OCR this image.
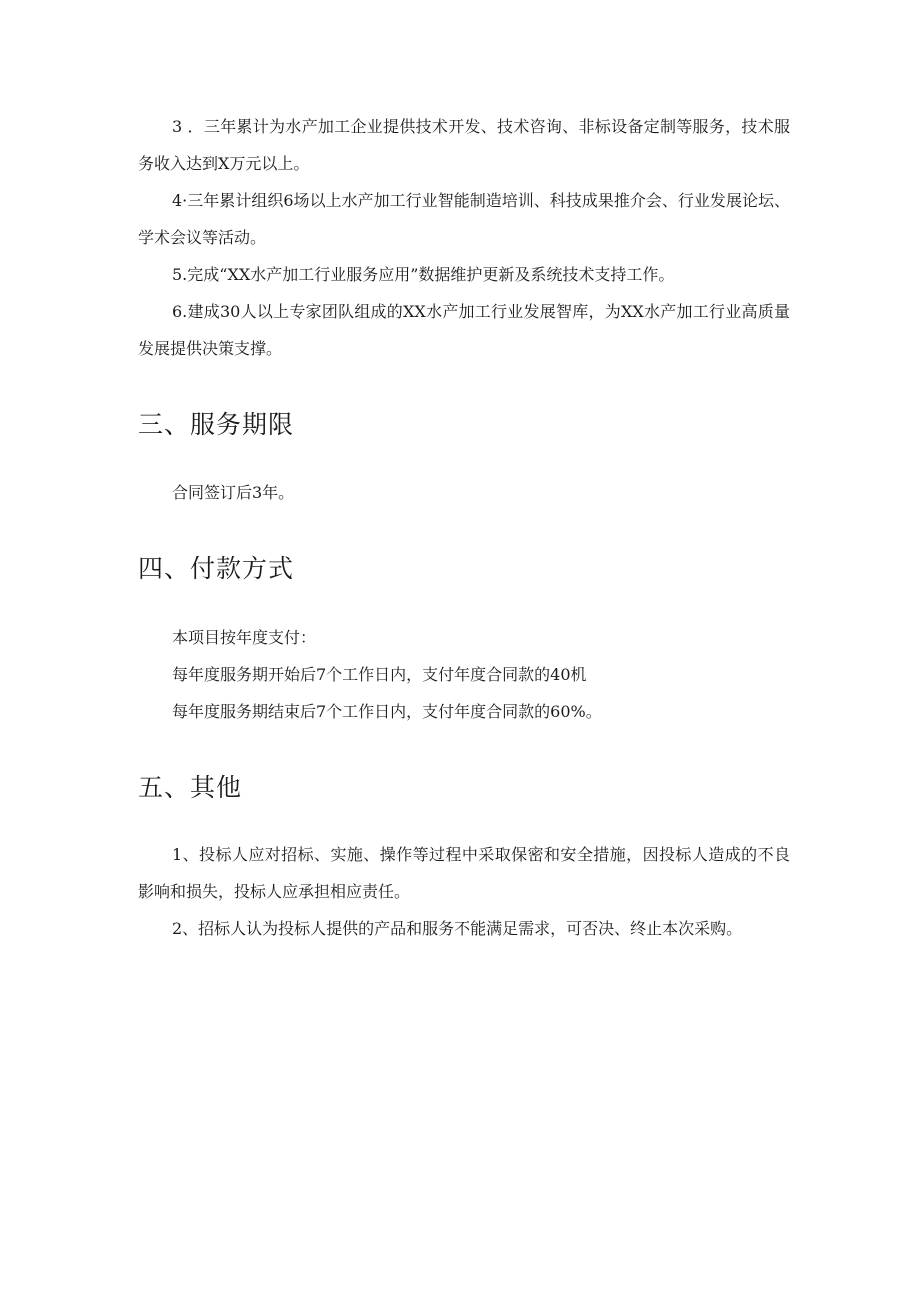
3 ．三年累计为水产加工企业提供技术开发、技术咨询、非标设备定制等服务，技术服务收入达到X万元以上。

4·三年累计组织6场以上水产加工行业智能制造培训、科技成果推介会、行业发展论坛、学术会议等活动。

5.完成“XX水产加工行业服务应用”数据维护更新及系统技术支持工作。

6.建成30人以上专家团队组成的XX水产加工行业发展智库，为XX水产加工行业高质量发展提供决策支撑。

三、服务期限

合同签订后3年。

四、付款方式

本项目按年度支付：

每年度服务期开始后7个工作日内，支付年度合同款的40机

每年度服务期结束后7个工作日内，支付年度合同款的60%。

五、其他

1、投标人应对招标、实施、操作等过程中采取保密和安全措施，因投标人造成的不良影响和损失，投标人应承担相应责任。

2、招标人认为投标人提供的产品和服务不能满足需求，可否决、终止本次采购。
